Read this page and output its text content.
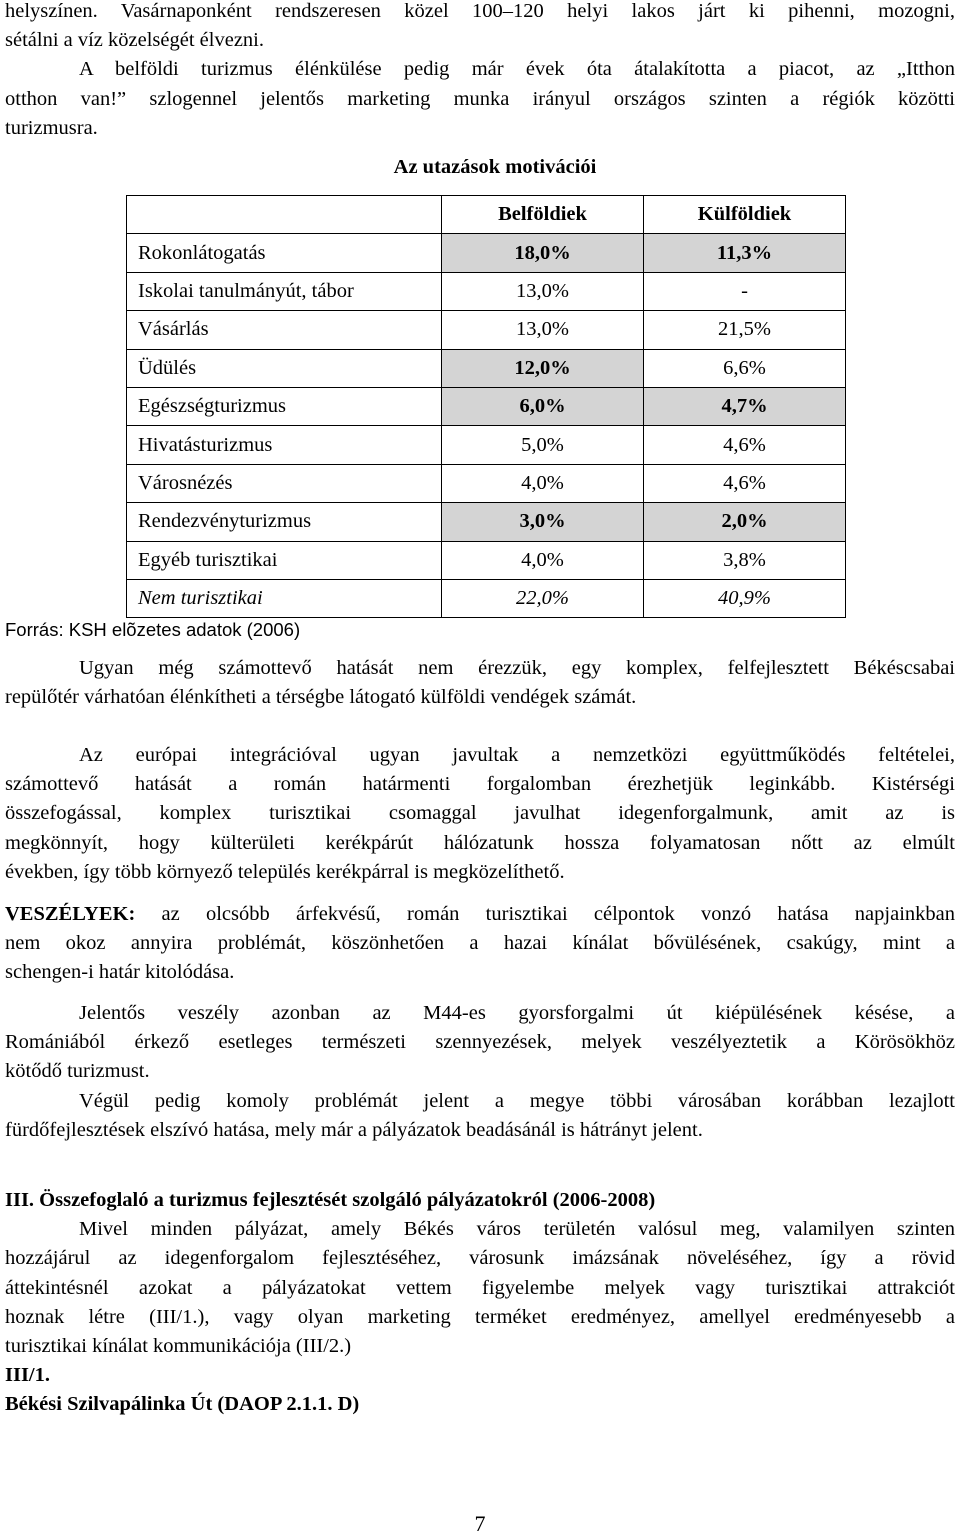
helyszínen. Vasárnaponként rendszeresen közel 100–120 helyi lakos járt ki pihenni, mozogni,
sétálni a víz közelségét élvezni.
A belföldi turizmus élénkülése pedig már évek óta átalakította a piacot, az „Itthon
otthon van!” szlogennel jelentős marketing munka irányul országos szinten a régiók közötti
turizmusra.
Az utazások motivációi
	Belföldiek	Külföldiek
Rokonlátogatás	18,0%	11,3%
Iskolai tanulmányút, tábor	13,0%	-
Vásárlás	13,0%	21,5%
Üdülés	12,0%	6,6%
Egészségturizmus	6,0%	4,7%
Hivatásturizmus	5,0%	4,6%
Városnézés	4,0%	4,6%
Rendezvényturizmus	3,0%	2,0%
Egyéb turisztikai	4,0%	3,8%
Nem turisztikai	22,0%	40,9%
Forrás: KSH elõzetes adatok (2006)
Ugyan még számottevő hatását nem érezzük, egy komplex, felfejlesztett Békéscsabai
repülőtér várhatóan élénkítheti a térségbe látogató külföldi vendégek számát.
Az európai integrációval ugyan javultak a nemzetközi együttműködés feltételei,
számottevő hatását a román határmenti forgalomban érezhetjük leginkább. Kistérségi
összefogással, komplex turisztikai csomaggal javulhat idegenforgalmunk, amit az is
megkönnyít, hogy külterületi kerékpárút hálózatunk hossza folyamatosan nőtt az elmúlt
években, így több környező település kerékpárral is megközelíthető.
VESZÉLYEK: az olcsóbb árfekvésű, román turisztikai célpontok vonzó hatása napjainkban
nem okoz annyira problémát, köszönhetően a hazai kínálat bővülésének, csakúgy, mint a
schengen-i határ kitolódása.
Jelentős veszély azonban az M44-es gyorsforgalmi út kiépülésének késése, a
Romániából érkező esetleges természeti szennyezések, melyek veszélyeztetik a Körösökhöz
kötődő turizmust.
Végül pedig komoly problémát jelent a megye többi városában korábban lezajlott
fürdőfejlesztések elszívó hatása, mely már a pályázatok beadásánál is hátrányt jelent.
III. Összefoglaló a turizmus fejlesztését szolgáló pályázatokról (2006-2008)
Mivel minden pályázat, amely Békés város területén valósul meg, valamilyen szinten
hozzájárul az idegenforgalom fejlesztéséhez, városunk imázsának növeléséhez, így a rövid
áttekintésnél azokat a pályázatokat vettem figyelembe melyek vagy turisztikai attrakciót
hoznak létre (III/1.), vagy olyan marketing terméket eredményez, amellyel eredményesebb a
turisztikai kínálat kommunikációja (III/2.)
III/1.
Békési Szilvapálinka Út (DAOP 2.1.1. D)
7
